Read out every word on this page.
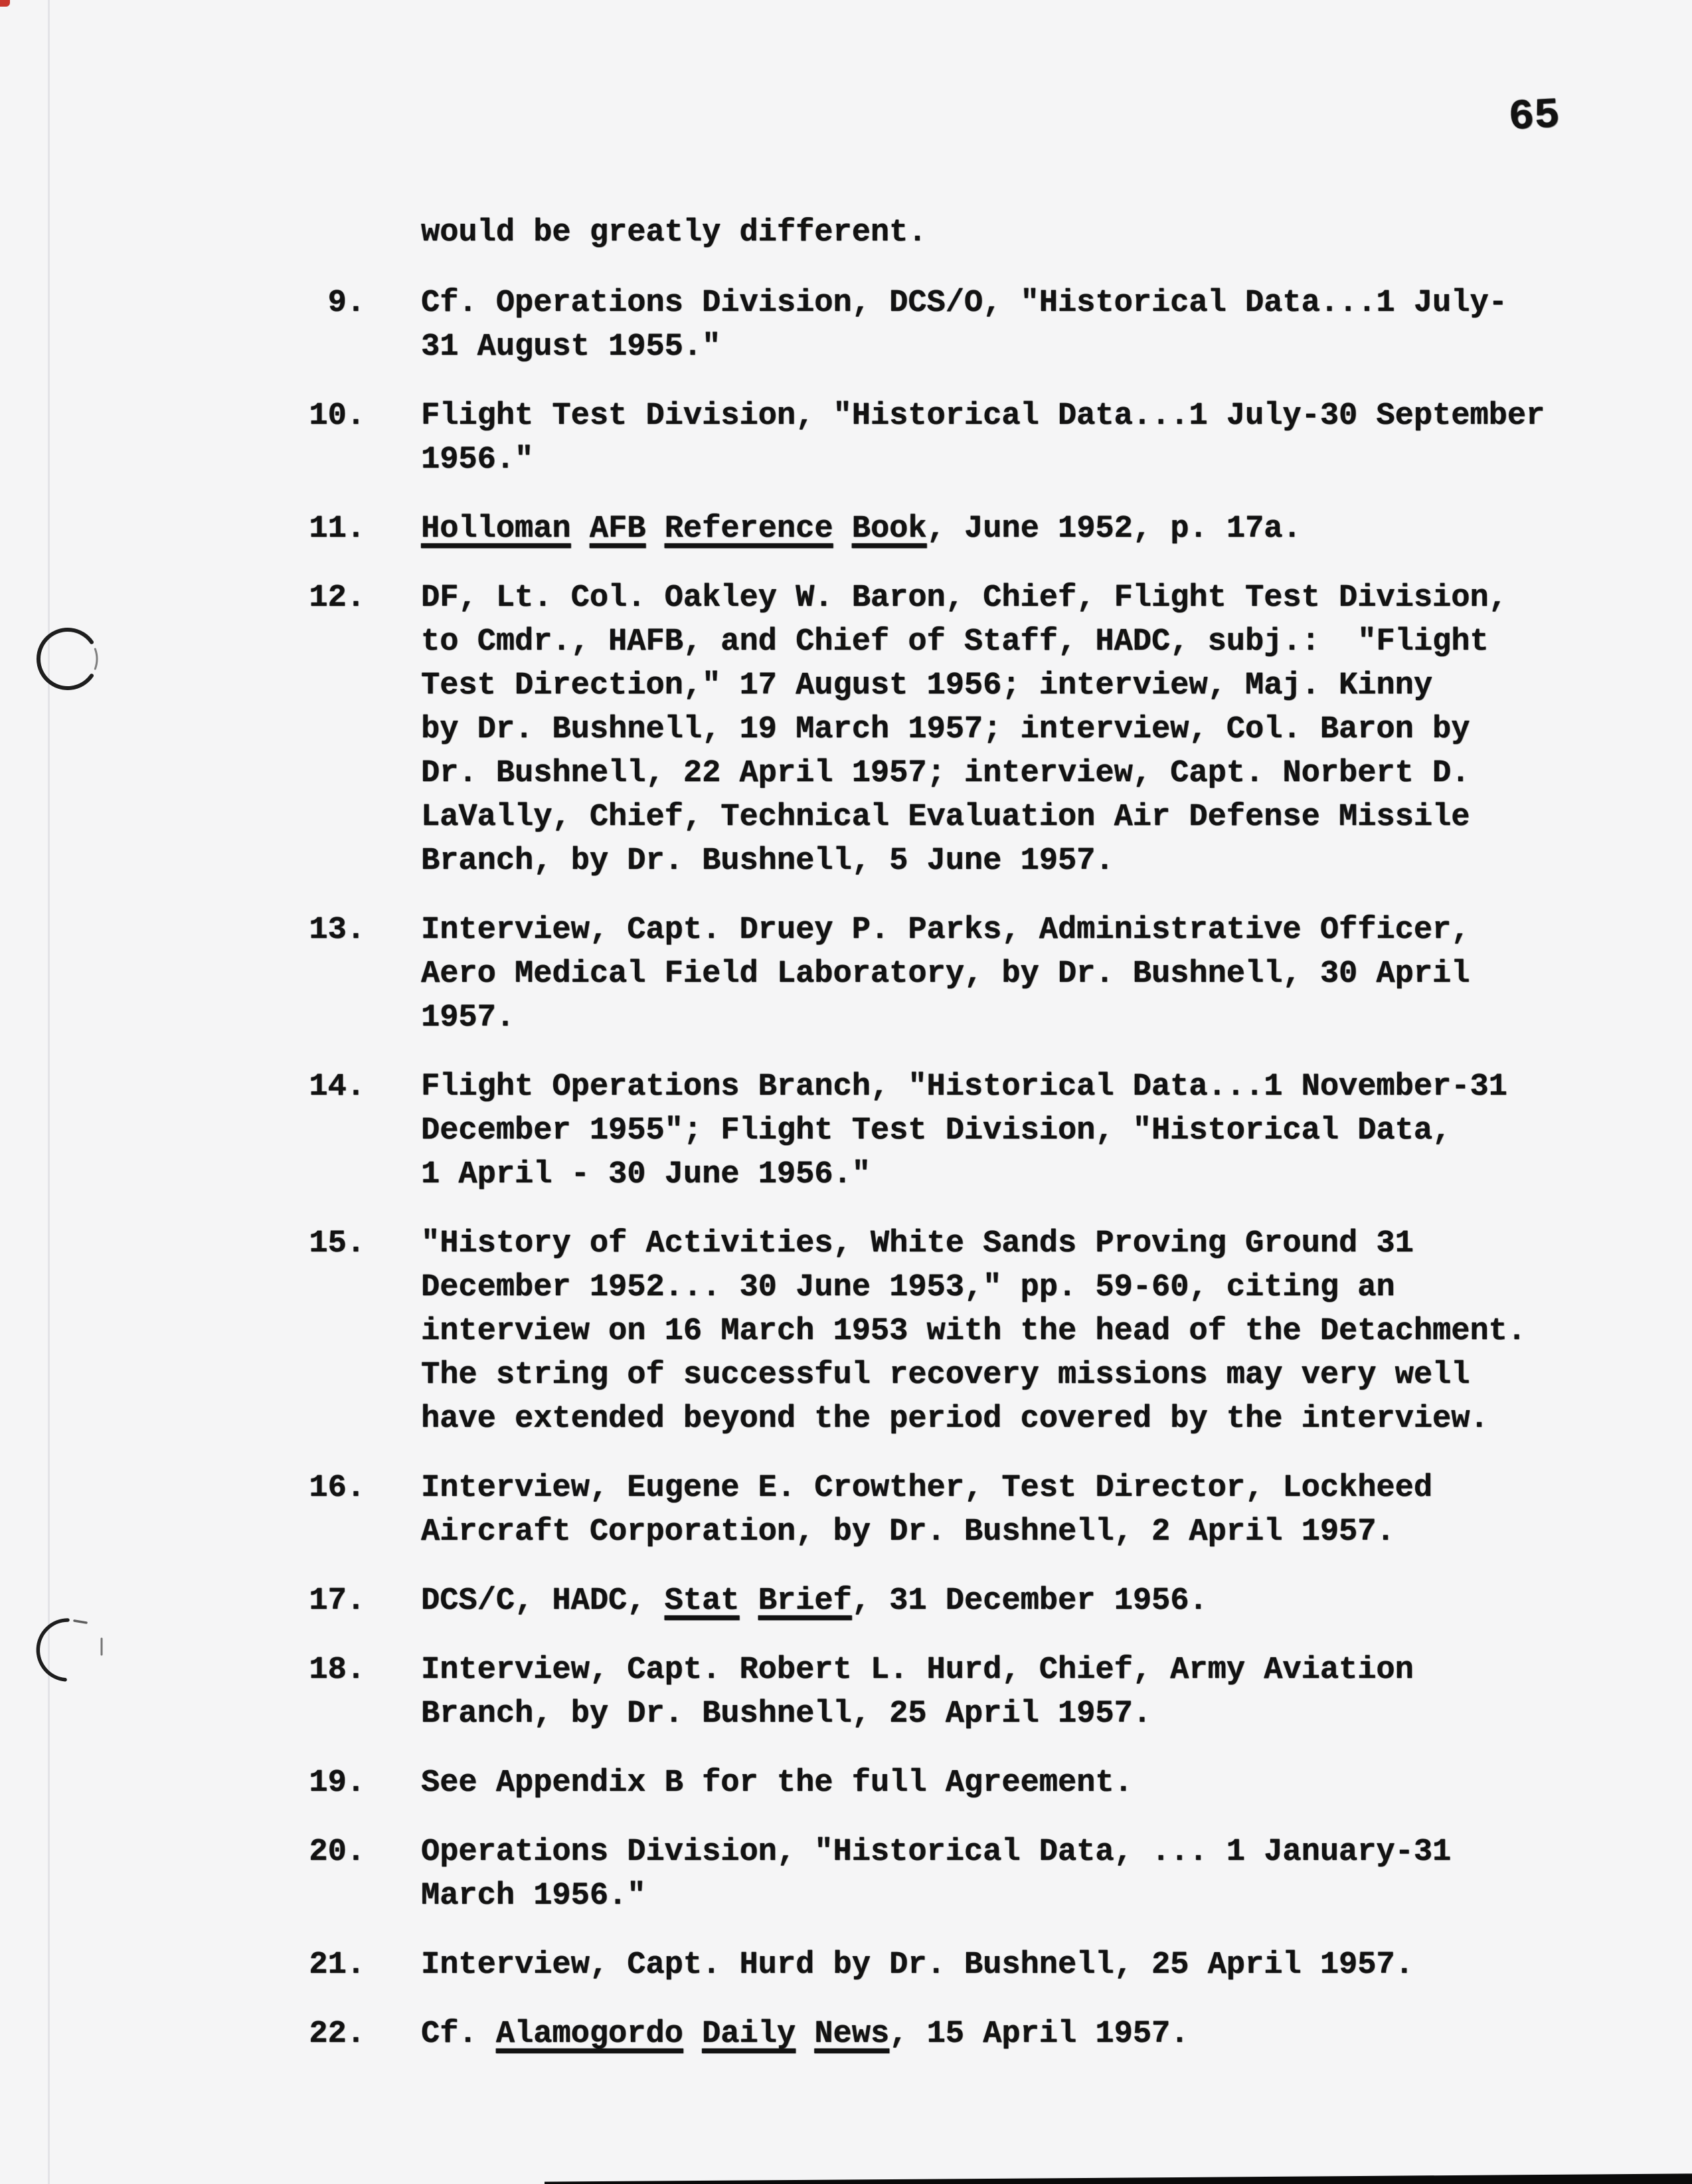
65
would be greatly different.
9. Cf. Operations Division, DCS/O, "Historical Data...1 July-
31 August 1955."
10. Flight Test Division, "Historical Data...1 July-30 September
1956."
11. Holloman AFB Reference Book, June 1952, p. 17a.
12. DF, Lt. Col. Oakley W. Baron, Chief, Flight Test Division,
to Cmdr., HAFB, and Chief of Staff, HADC, subj.:  "Flight
Test Direction," 17 August 1956; interview, Maj. Kinny
by Dr. Bushnell, 19 March 1957; interview, Col. Baron by
Dr. Bushnell, 22 April 1957; interview, Capt. Norbert D.
LaVally, Chief, Technical Evaluation Air Defense Missile
Branch, by Dr. Bushnell, 5 June 1957.
13. Interview, Capt. Druey P. Parks, Administrative Officer,
Aero Medical Field Laboratory, by Dr. Bushnell, 30 April
1957.
14. Flight Operations Branch, "Historical Data...1 November-31
December 1955"; Flight Test Division, "Historical Data,
1 April - 30 June 1956."
15. "History of Activities, White Sands Proving Ground 31
December 1952... 30 June 1953," pp. 59-60, citing an
interview on 16 March 1953 with the head of the Detachment.
The string of successful recovery missions may very well
have extended beyond the period covered by the interview.
16. Interview, Eugene E. Crowther, Test Director, Lockheed
Aircraft Corporation, by Dr. Bushnell, 2 April 1957.
17. DCS/C, HADC, Stat Brief, 31 December 1956.
18. Interview, Capt. Robert L. Hurd, Chief, Army Aviation
Branch, by Dr. Bushnell, 25 April 1957.
19. See Appendix B for the full Agreement.
20. Operations Division, "Historical Data, ... 1 January-31
March 1956."
21. Interview, Capt. Hurd by Dr. Bushnell, 25 April 1957.
22. Cf. Alamogordo Daily News, 15 April 1957.
